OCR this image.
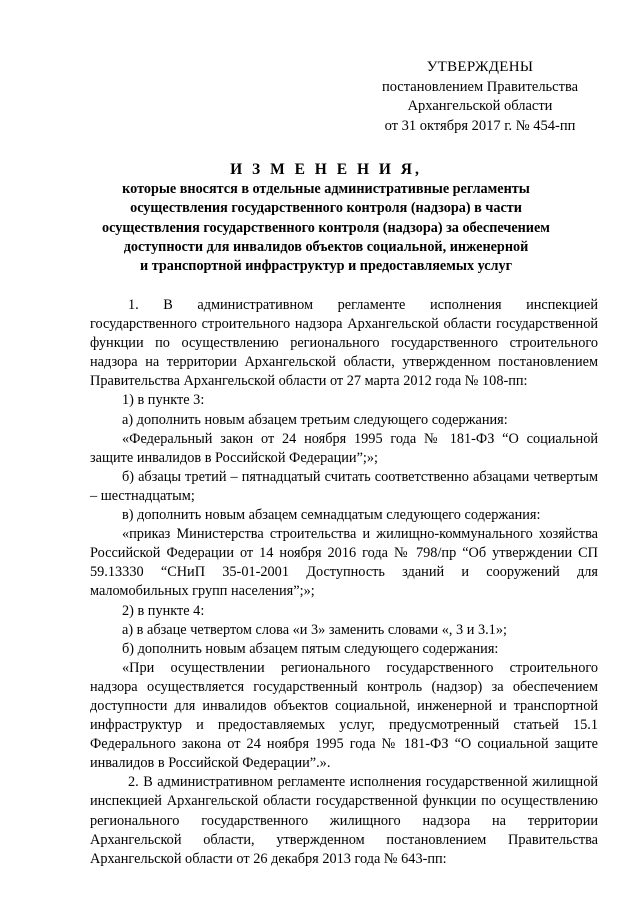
УТВЕРЖДЕНЫ
постановлением Правительства
Архангельской области
от 31 октября 2017 г. № 454-пп
И З М Е Н Е Н И Я,
которые вносятся в отдельные административные регламенты
осуществления государственного контроля (надзора) в части
осуществления государственного контроля (надзора) за обеспечением
доступности для инвалидов объектов социальной, инженерной
и транспортной инфраструктур и предоставляемых услуг

1. В административном регламенте исполнения инспекцией государственного строительного надзора Архангельской области государственной функции по осуществлению регионального государственного строительного надзора на территории Архангельской области, утвержденном постановлением Правительства Архангельской области от 27 марта 2012 года № 108-пп:

1) в пункте 3:

а) дополнить новым абзацем третьим следующего содержания:

«Федеральный закон от 24 ноября 1995 года № 181-ФЗ “О социальной защите инвалидов в Российской Федерации”;»;

б) абзацы третий – пятнадцатый считать соответственно абзацами четвертым – шестнадцатым;

в) дополнить новым абзацем семнадцатым следующего содержания:

«приказ Министерства строительства и жилищно-коммунального хозяйства Российской Федерации от 14 ноября 2016 года № 798/пр “Об утверждении СП 59.13330 “СНиП 35-01-2001 Доступность зданий и сооружений для маломобильных групп населения”;»;

2) в пункте 4:

а) в абзаце четвертом слова «и 3» заменить словами «, 3 и 3.1»;

б) дополнить новым абзацем пятым следующего содержания:

«При осуществлении регионального государственного строительного надзора осуществляется государственный контроль (надзор) за обеспечением доступности для инвалидов объектов социальной, инженерной и транспортной инфраструктур и предоставляемых услуг, предусмотренный статьей 15.1 Федерального закона от 24 ноября 1995 года № 181-ФЗ “О социальной защите инвалидов в Российской Федерации”.».

2. В административном регламенте исполнения государственной жилищной инспекцией Архангельской области государственной функции по осуществлению регионального государственного жилищного надзора на территории Архангельской области, утвержденном постановлением Правительства Архангельской области от 26 декабря 2013 года № 643-пп:
